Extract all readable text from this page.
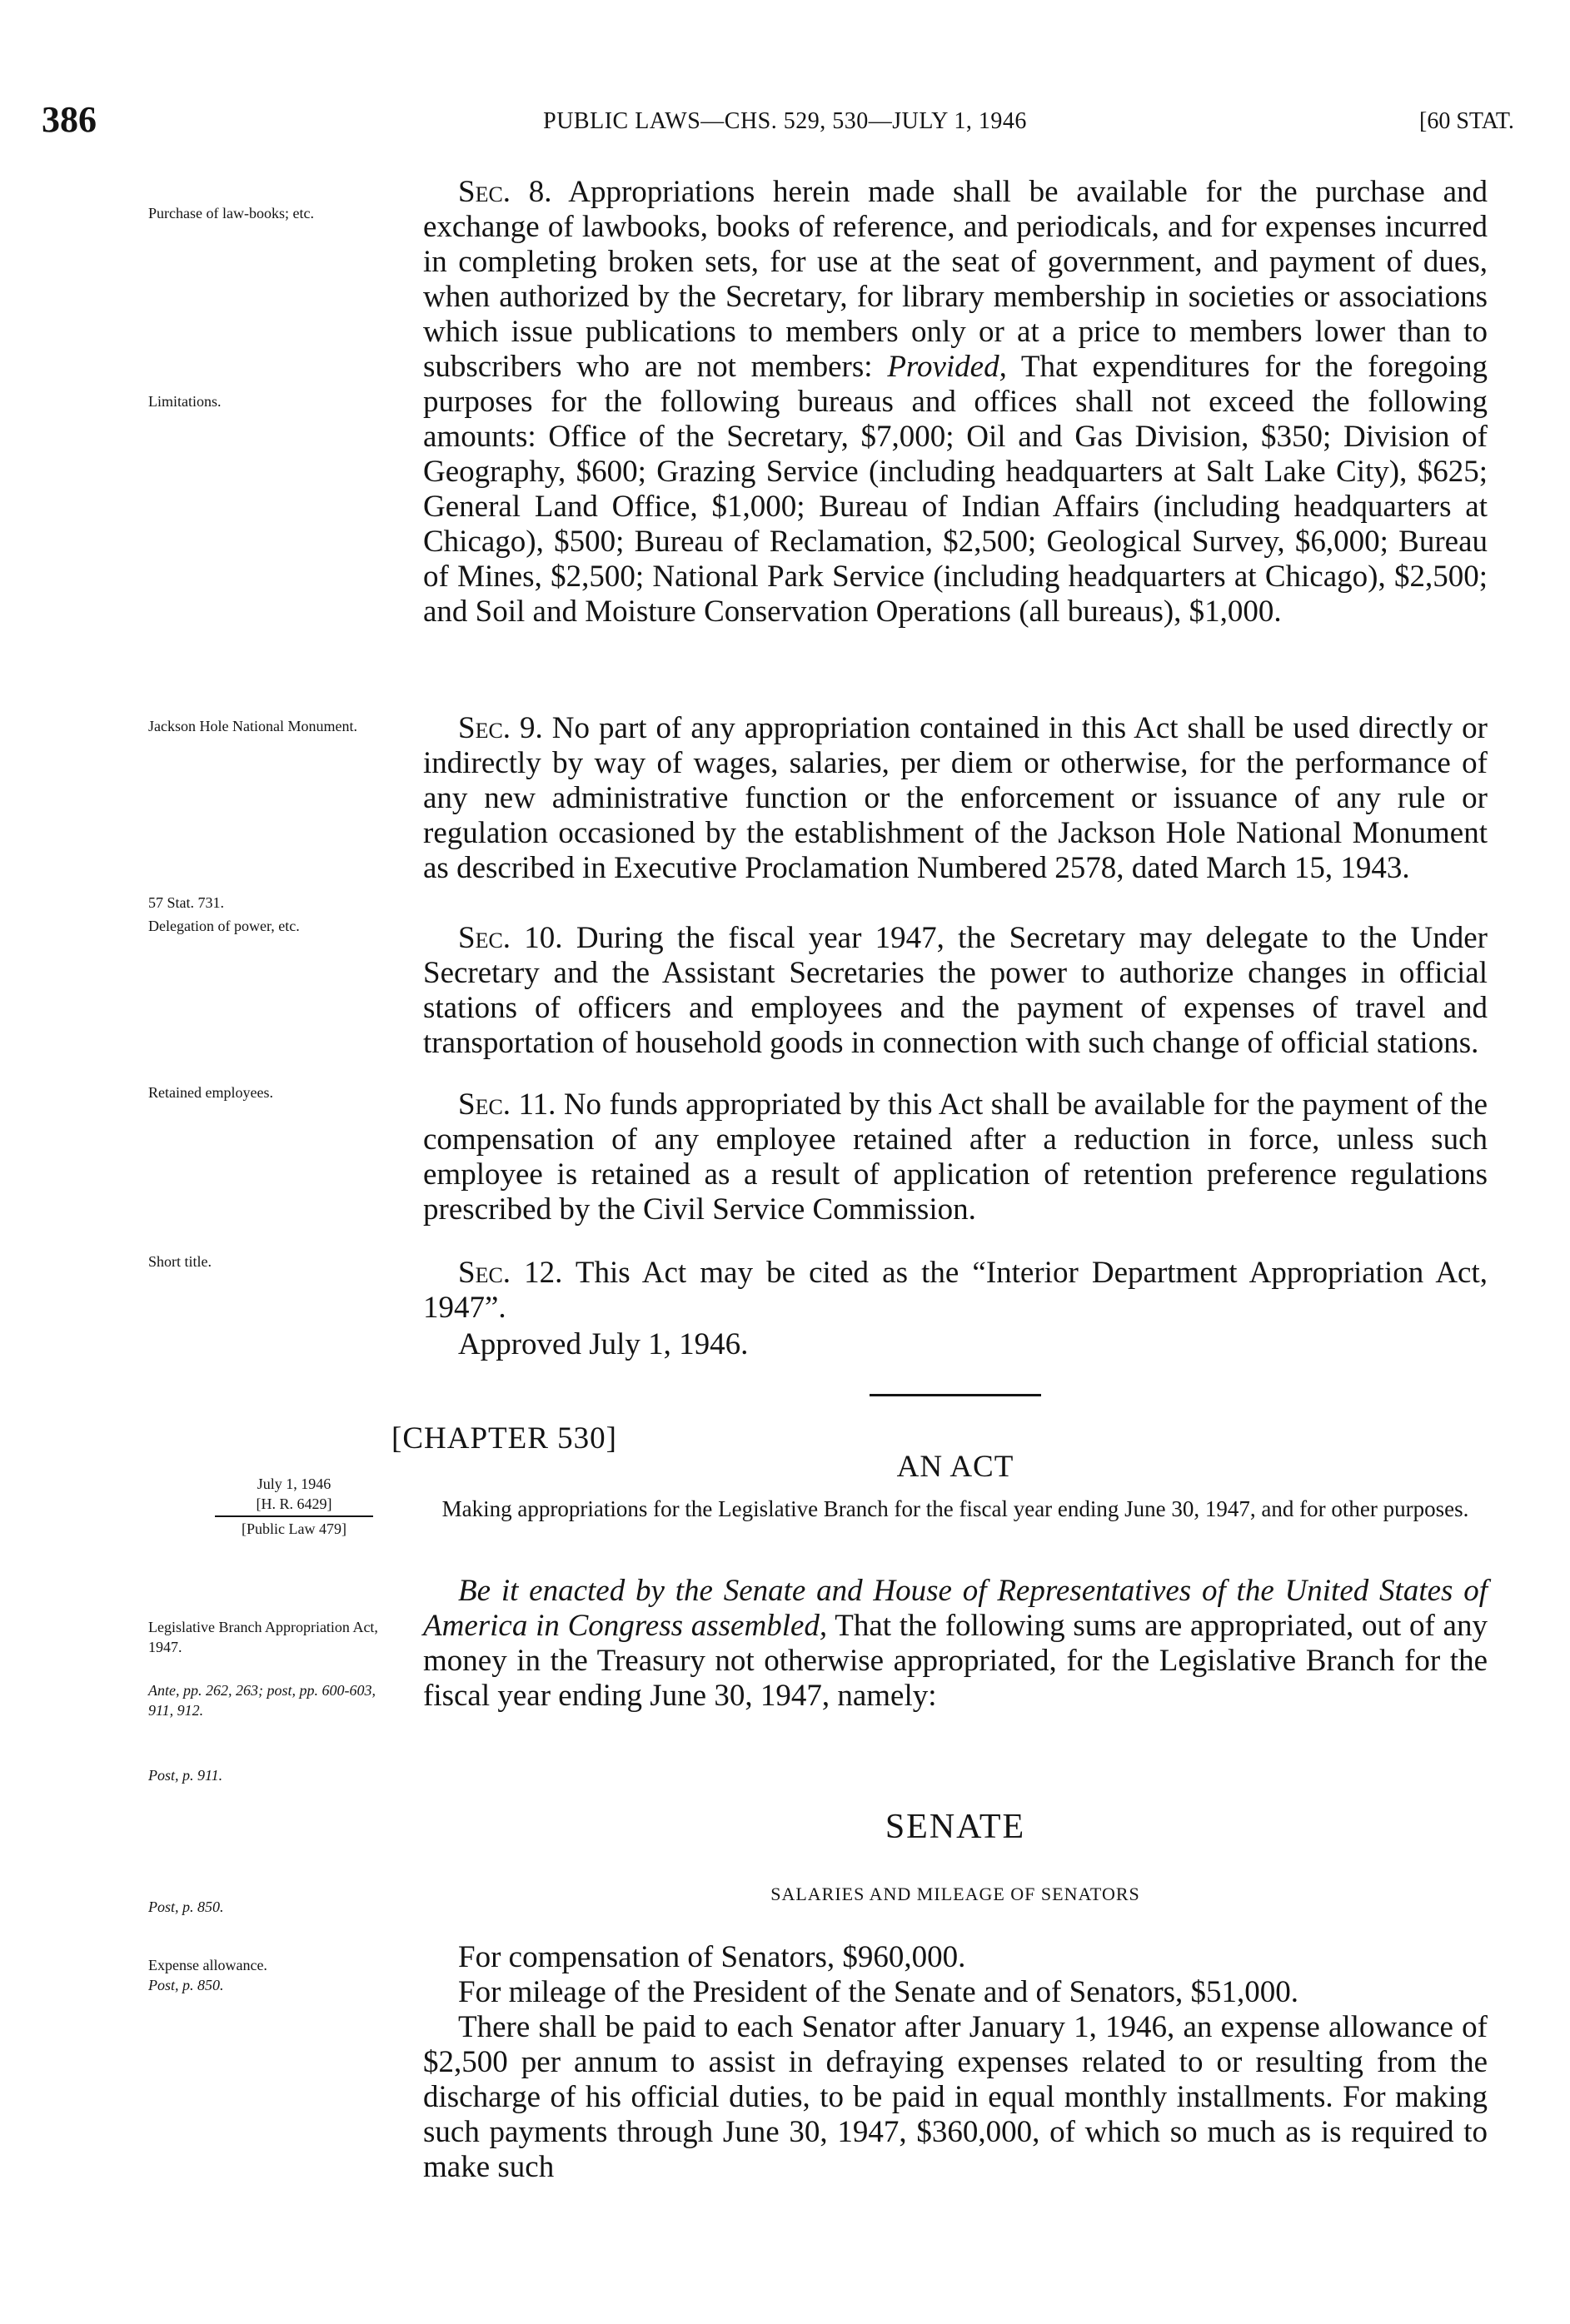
386	PUBLIC LAWS—CHS. 529, 530—JULY 1, 1946	[60 STAT.
Purchase of law-books; etc.
Limitations.
Jackson Hole National Monument.
57 Stat. 731.
Delegation of power, etc.
Retained employees.
Short title.
July 1, 1946
[H. R. 6429]
[Public Law 479]
Legislative Branch Appropriation Act, 1947.
Ante, pp. 262, 263; post, pp. 600-603, 911, 912.
Post, p. 911.
Post, p. 850.
Expense allowance.
Post, p. 850.

Sec. 8. Appropriations herein made shall be available for the purchase and exchange of lawbooks, books of reference, and periodicals, and for expenses incurred in completing broken sets, for use at the seat of government, and payment of dues, when authorized by the Secretary, for library membership in societies or associations which issue publications to members only or at a price to members lower than to subscribers who are not members: Provided, That expenditures for the foregoing purposes for the following bureaus and offices shall not exceed the following amounts: Office of the Secretary, $7,000; Oil and Gas Division, $350; Division of Geography, $600; Grazing Service (including headquarters at Salt Lake City), $625; General Land Office, $1,000; Bureau of Indian Affairs (including headquarters at Chicago), $500; Bureau of Reclamation, $2,500; Geological Survey, $6,000; Bureau of Mines, $2,500; National Park Service (including headquarters at Chicago), $2,500; and Soil and Moisture Conservation Operations (all bureaus), $1,000.

Sec. 9. No part of any appropriation contained in this Act shall be used directly or indirectly by way of wages, salaries, per diem or otherwise, for the performance of any new administrative function or the enforcement or issuance of any rule or regulation occasioned by the establishment of the Jackson Hole National Monument as described in Executive Proclamation Numbered 2578, dated March 15, 1943.

Sec. 10. During the fiscal year 1947, the Secretary may delegate to the Under Secretary and the Assistant Secretaries the power to authorize changes in official stations of officers and employees and the payment of expenses of travel and transportation of household goods in connection with such change of official stations.

Sec. 11. No funds appropriated by this Act shall be available for the payment of the compensation of any employee retained after a reduction in force, unless such employee is retained as a result of application of retention preference regulations prescribed by the Civil Service Commission.

Sec. 12. This Act may be cited as the “Interior Department Appropriation Act, 1947”.

Approved July 1, 1946.

[CHAPTER 530]
AN ACT
Making appropriations for the Legislative Branch for the fiscal year ending June 30, 1947, and for other purposes.

Be it enacted by the Senate and House of Representatives of the United States of America in Congress assembled, That the following sums are appropriated, out of any money in the Treasury not otherwise appropriated, for the Legislative Branch for the fiscal year ending June 30, 1947, namely:

SENATE
SALARIES AND MILEAGE OF SENATORS

For compensation of Senators, $960,000.

For mileage of the President of the Senate and of Senators, $51,000.

There shall be paid to each Senator after January 1, 1946, an expense allowance of $2,500 per annum to assist in defraying expenses related to or resulting from the discharge of his official duties, to be paid in equal monthly installments. For making such payments through June 30, 1947, $360,000, of which so much as is required to make such
